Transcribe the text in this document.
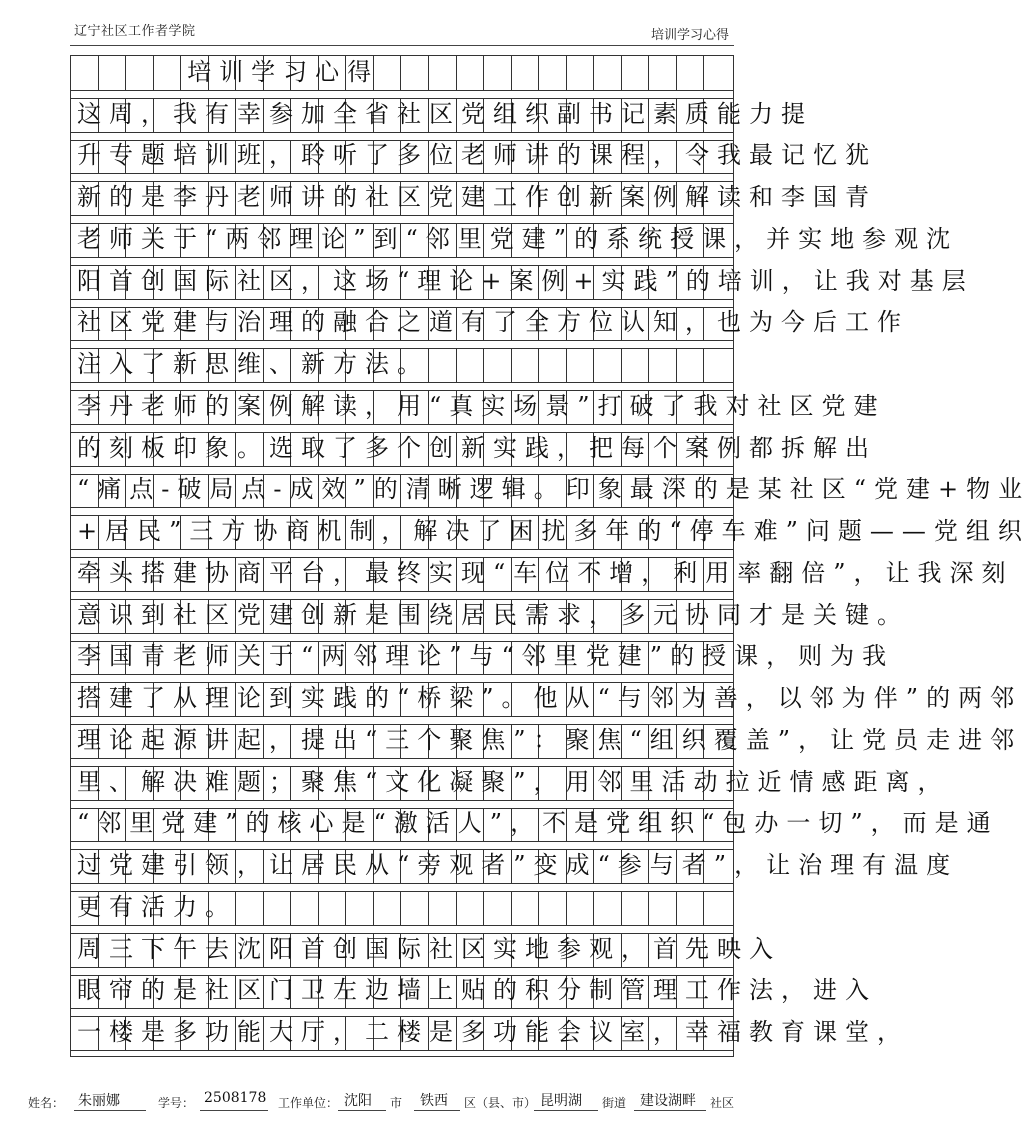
辽宁社区工作者学院	培训学习心得
培训学习心得
这周，我有幸参加全省社区党组织副书记素质能力提
升专题培训班，聆听了多位老师讲的课程，令我最记忆犹
新的是李丹老师讲的社区党建工作创新案例解读和李国青
老师关于“两邻理论”到“邻里党建”的系统授课，并实地参观沈
阳首创国际社区，这场“理论+案例+实践”的培训，让我对基层
社区党建与治理的融合之道有了全方位认知，也为今后工作
注入了新思维、新方法。
李丹老师的案例解读，用“真实场景”打破了我对社区党建
的刻板印象。选取了多个创新实践，把每个案例都拆解出
“痛点-破局点-成效”的清晰逻辑。印象最深的是某社区“党建+物业
+居民”三方协商机制，解决了困扰多年的“停车难”问题——党组织
牵头搭建协商平台，最终实现“车位不增，利用率翻倍”，让我深刻
意识到社区党建创新是围绕居民需求，多元协同才是关键。
李国青老师关于“两邻理论”与“邻里党建”的授课，则为我
搭建了从理论到实践的“桥梁”。他从“与邻为善，以邻为伴”的两邻
理论起源讲起，提出“三个聚焦”：聚焦“组织覆盖”，让党员走进邻
里、解决难题；聚焦“文化凝聚”，用邻里活动拉近情感距离，
“邻里党建”的核心是“激活人”，不是党组织“包办一切”，而是通
过党建引领，让居民从“旁观者”变成“参与者”，让治理有温度
更有活力。
周三下午去沈阳首创国际社区实地参观，首先映入
眼帘的是社区门卫左边墙上贴的积分制管理工作法，进入
一楼是多功能大厅，二楼是多功能会议室，幸福教育课堂，
姓名： 朱丽娜	学号： 2508178 工作单位： 沈阳 市 铁西 区（县、市） 昆明湖 街道 建设湖畔 社区
